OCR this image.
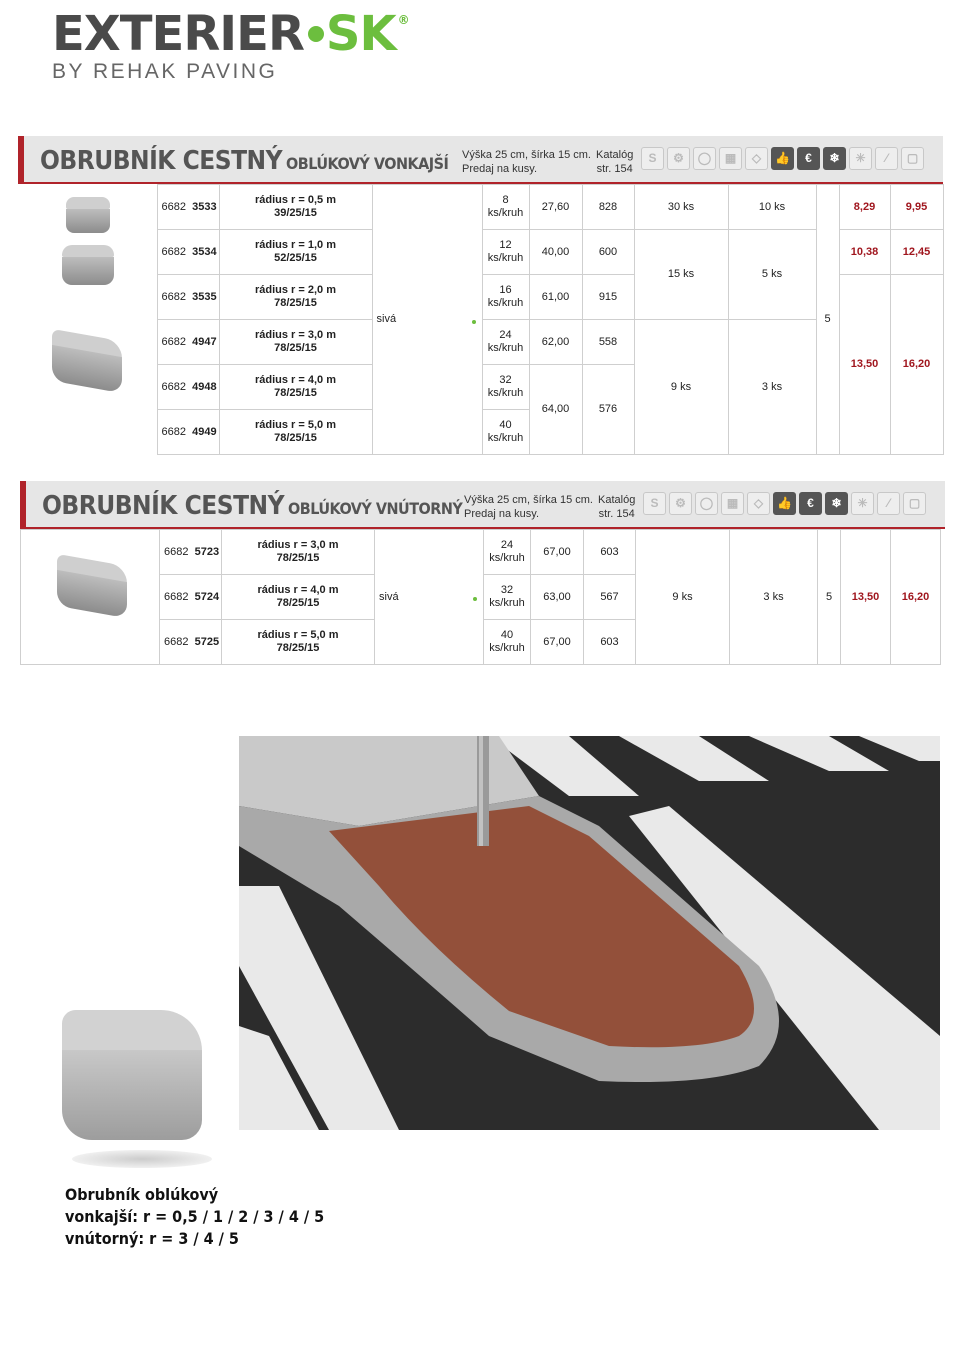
EXTERIER SK ®
BY REHAK PAVING
OBRUBNÍK CESTNÝ OBLÚKOVÝ VONKAJŠÍ Výška 25 cm, šírka 15 cm.
Predaj na kusy.
Katalóg
str. 154
S	⚙	◯	▦	◇	👍	€	❄	✳	⁄	▢
	6682 3533	rádius r = 0,5 m
39/25/15	sivá	8
ks/kruh	27,60	828	30 ks	10 ks	5	8,29	9,95
	6682 3534	rádius r = 1,0 m
52/25/15		12
ks/kruh	40,00	600	15 ks	5 ks		10,38	12,45
	6682 3535	rádius r = 2,0 m
78/25/15		16
ks/kruh	61,00	915				13,50	16,20
	6682 4947	rádius r = 3,0 m
78/25/15		24
ks/kruh	62,00	558	9 ks	3 ks			
	6682 4948	rádius r = 4,0 m
78/25/15		32
ks/kruh	64,00	576					
	6682 4949	rádius r = 5,0 m
78/25/15		40
ks/kruh							
OBRUBNÍK CESTNÝ OBLÚKOVÝ VNÚTORNÝ Výška 25 cm, šírka 15 cm.
Predaj na kusy.
Katalóg
str. 154
S	⚙	◯	▦	◇	👍	€	❄	✳	⁄	▢
	6682 5723	rádius r = 3,0 m
78/25/15	sivá	24
ks/kruh	67,00	603	9 ks	3 ks	5	13,50	16,20
	6682 5724	rádius r = 4,0 m
78/25/15		32
ks/kruh	63,00	567					
	6682 5725	rádius r = 5,0 m
78/25/15		40
ks/kruh	67,00	603					
Obrubník oblúkový
vonkajší: r = 0,5 / 1 / 2 / 3 / 4 / 5
vnútorný: r = 3 / 4 / 5
